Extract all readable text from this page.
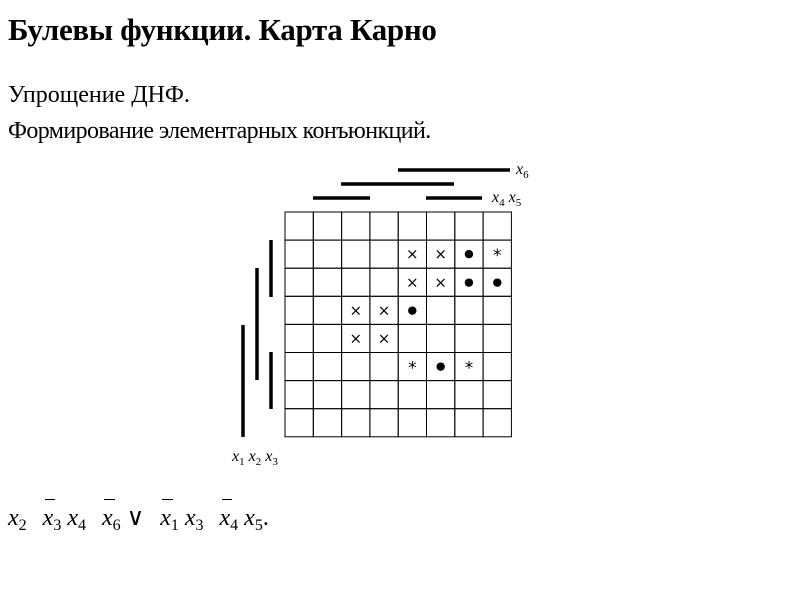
Булевы функции. Карта Карно
Упрощение ДНФ.
Формирование элементарных конъюнкций.
× × ● *
× × ● ●
× × ●
× ×
* ● *
$x_6$
$x_4$ $x_5$
$x_1$ $x_2$ $x_3$
$x_2$ $x_3$ $x_4$ $x_6$ ∨ $x_1$ $x_3$ $x_4$ $x_5$.
